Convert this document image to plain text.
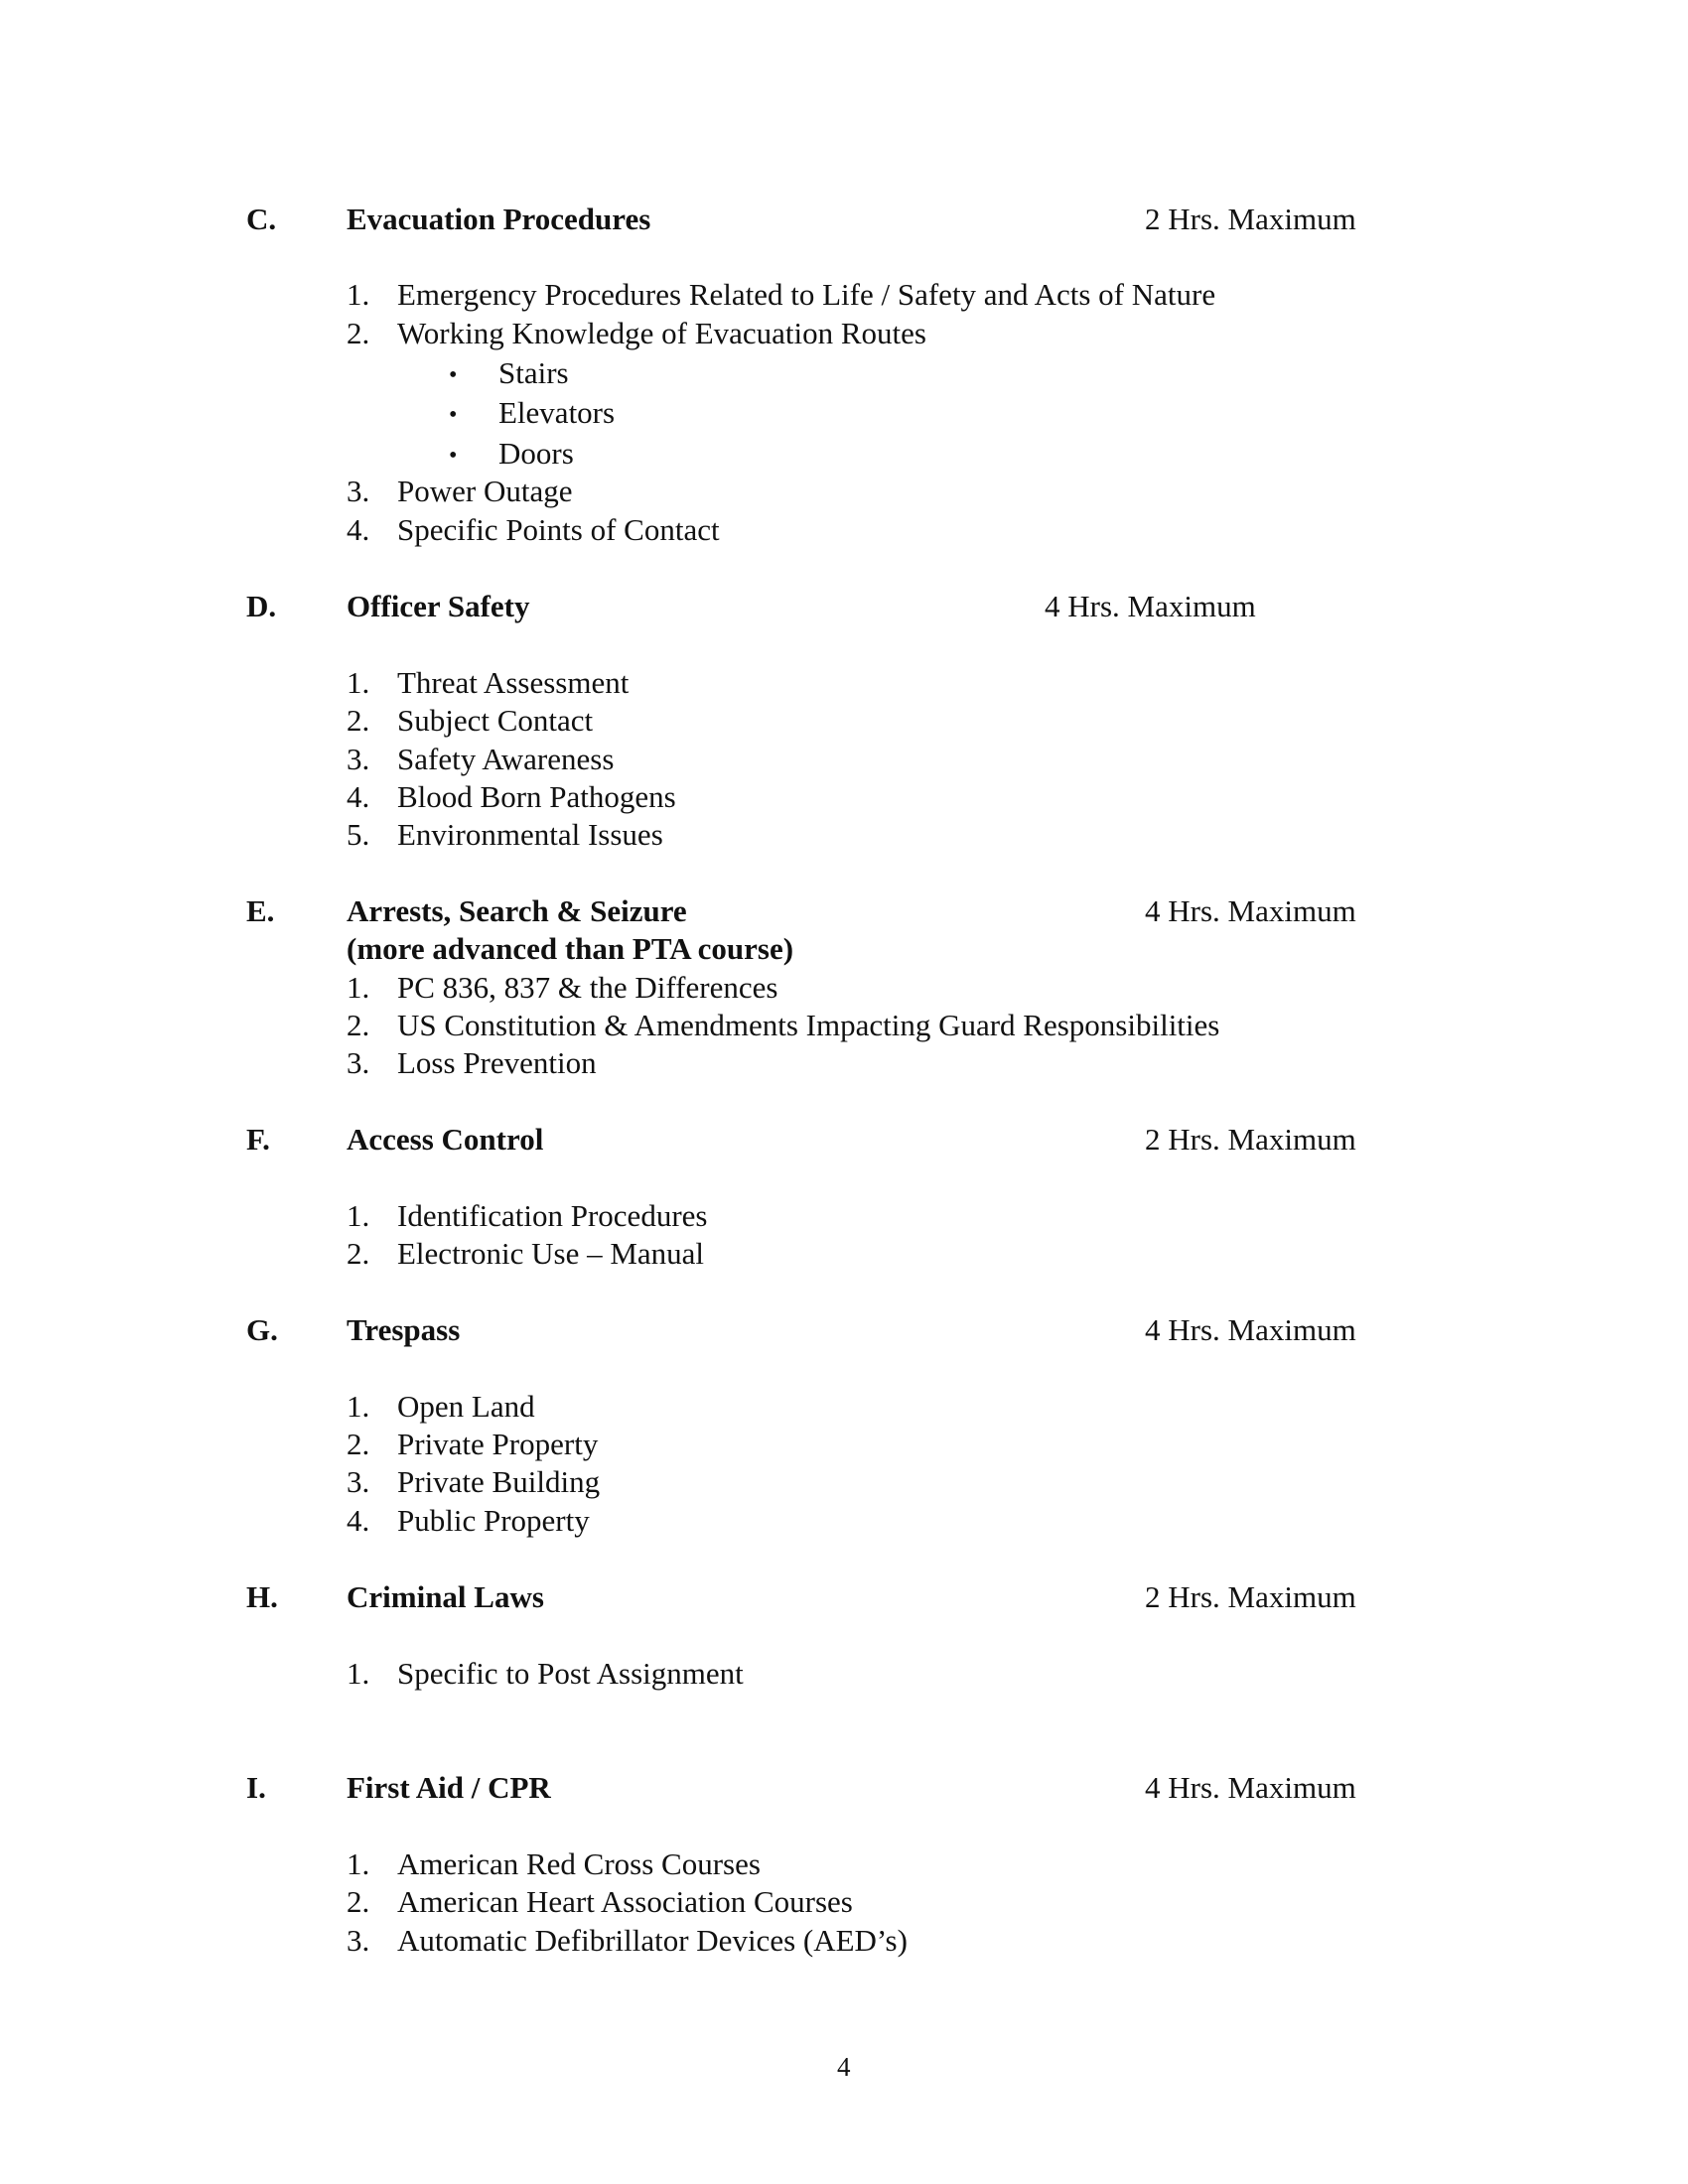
C. Evacuation Procedures	2 Hrs. Maximum
1. Emergency Procedures Related to Life / Safety and Acts of Nature
2. Working Knowledge of Evacuation Routes
• Stairs
• Elevators
• Doors
3. Power Outage
4. Specific Points of Contact
D. Officer Safety	4 Hrs. Maximum
1. Threat Assessment
2. Subject Contact
3. Safety Awareness
4. Blood Born Pathogens
5. Environmental Issues
E. Arrests, Search & Seizure	4 Hrs. Maximum
(more advanced than PTA course)
1. PC 836, 837 & the Differences
2. US Constitution & Amendments Impacting Guard Responsibilities
3. Loss Prevention
F. Access Control	2 Hrs. Maximum
1. Identification Procedures
2. Electronic Use – Manual
G. Trespass	4 Hrs. Maximum
1. Open Land
2. Private Property
3. Private Building
4. Public Property
H. Criminal Laws	2 Hrs. Maximum
1. Specific to Post Assignment
I.	First Aid / CPR	4 Hrs. Maximum
1. American Red Cross Courses
2. American Heart Association Courses
3. Automatic Defibrillator Devices (AED’s)
4
